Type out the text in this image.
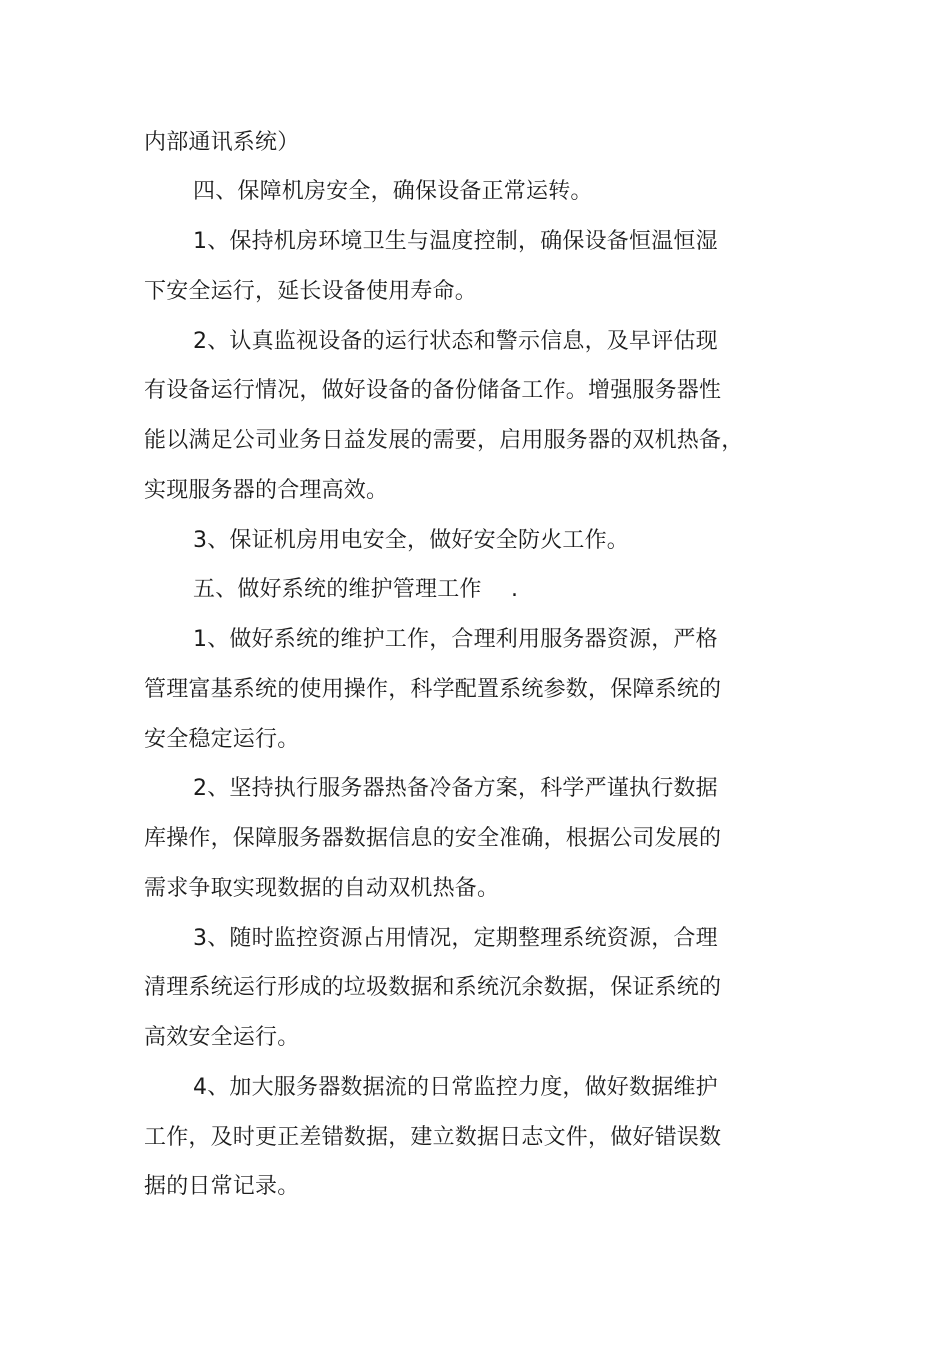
内部通讯系统）
四、保障机房安全，确保设备正常运转。
1、保持机房环境卫生与温度控制，确保设备恒温恒湿
下安全运行，延长设备使用寿命。
2、认真监视设备的运行状态和警示信息，及早评估现
有设备运行情况，做好设备的备份储备工作。增强服务器性
能以满足公司业务日益发展的需要，启用服务器的双机热备，
实现服务器的合理高效。
3、保证机房用电安全，做好安全防火工作。
五、做好系统的维护管理工作　 .
1、做好系统的维护工作，合理利用服务器资源，严格
管理富基系统的使用操作，科学配置系统参数，保障系统的
安全稳定运行。
2、坚持执行服务器热备冷备方案，科学严谨执行数据
库操作，保障服务器数据信息的安全准确，根据公司发展的
需求争取实现数据的自动双机热备。
3、随时监控资源占用情况，定期整理系统资源，合理
清理系统运行形成的垃圾数据和系统沉余数据，保证系统的
高效安全运行。
4、加大服务器数据流的日常监控力度，做好数据维护
工作，及时更正差错数据，建立数据日志文件，做好错误数
据的日常记录。
